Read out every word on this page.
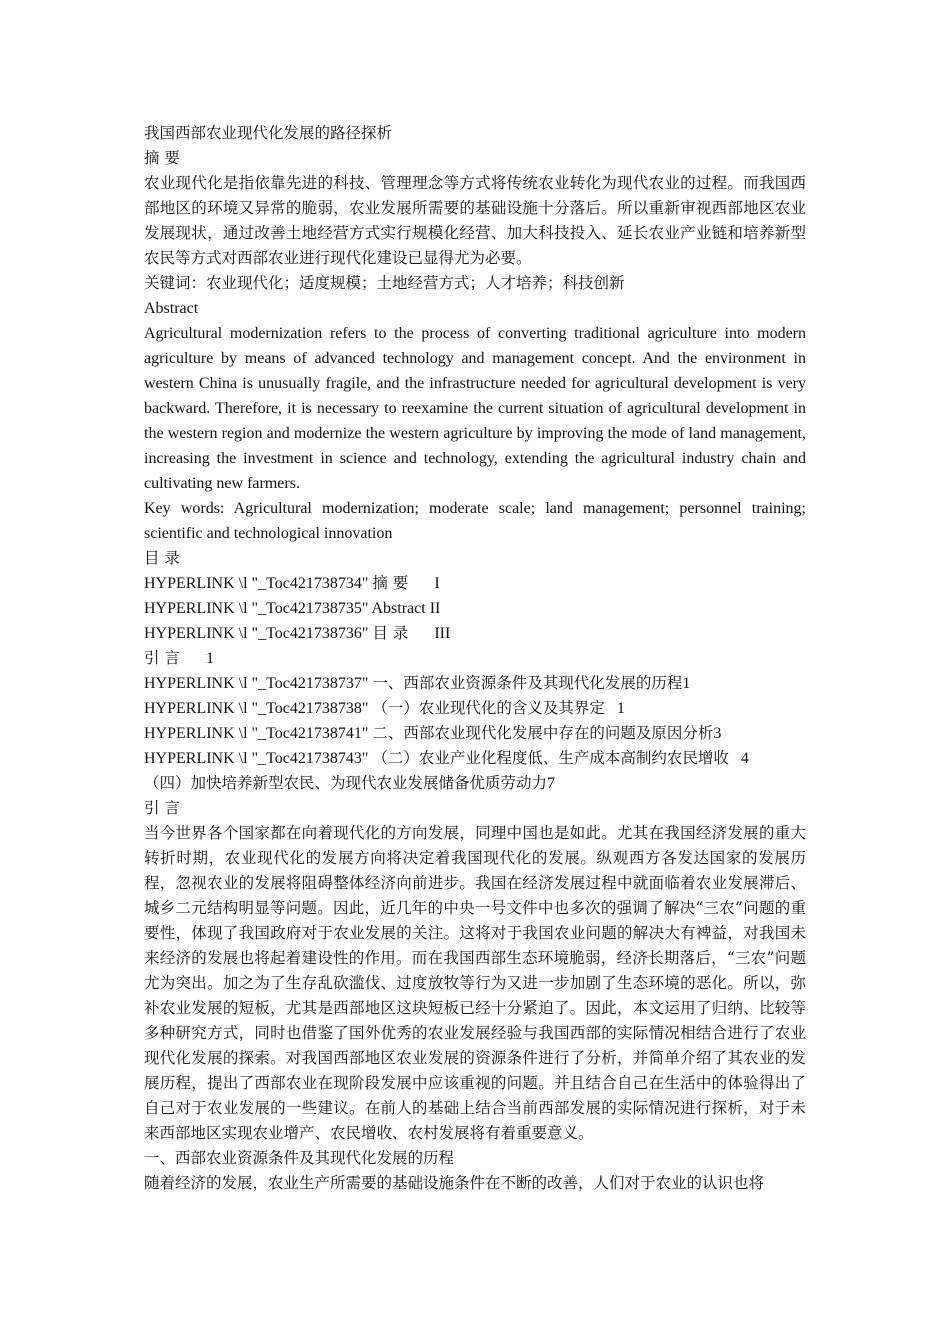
我国西部农业现代化发展的路径探析
摘 要
农业现代化是指依靠先进的科技、管理理念等方式将传统农业转化为现代农业的过程。而我国西部地区的环境又异常的脆弱，农业发展所需要的基础设施十分落后。所以重新审视西部地区农业发展现状，通过改善土地经营方式实行规模化经营、加大科技投入、延长农业产业链和培养新型农民等方式对西部农业进行现代化建设已显得尤为必要。
关键词：农业现代化；适度规模；土地经营方式；人才培养；科技创新
Abstract
Agricultural modernization refers to the process of converting traditional agriculture into modern agriculture by means of advanced technology and management concept. And the environment in western China is unusually fragile, and the infrastructure needed for agricultural development is very backward. Therefore, it is necessary to reexamine the current situation of agricultural development in the western region and modernize the western agriculture by improving the mode of land management, increasing the investment in science and technology, extending the agricultural industry chain and cultivating new farmers.
Key words: Agricultural modernization; moderate scale; land management; personnel training; scientific and technological innovation
目 录
HYPERLINK \l "_Toc421738734" 摘 要 I
HYPERLINK \l "_Toc421738735" Abstract II
HYPERLINK \l "_Toc421738736" 目 录 III
引 言 1
HYPERLINK \l "_Toc421738737" 一、西部农业资源条件及其现代化发展的历程1
HYPERLINK \l "_Toc421738738" （一）农业现代化的含义及其界定 1
HYPERLINK \l "_Toc421738741" 二、西部农业现代化发展中存在的问题及原因分析3
HYPERLINK \l "_Toc421738743" （二）农业产业化程度低、生产成本高制约农民增收 4
（四）加快培养新型农民、为现代农业发展储备优质劳动力7
引 言
当今世界各个国家都在向着现代化的方向发展，同理中国也是如此。尤其在我国经济发展的重大转折时期，农业现代化的发展方向将决定着我国现代化的发展。纵观西方各发达国家的发展历程，忽视农业的发展将阻碍整体经济向前进步。我国在经济发展过程中就面临着农业发展滞后、城乡二元结构明显等问题。因此，近几年的中央一号文件中也多次的强调了解决“三农”问题的重要性，体现了我国政府对于农业发展的关注。这将对于我国农业问题的解决大有裨益，对我国未来经济的发展也将起着建设性的作用。而在我国西部生态环境脆弱，经济长期落后，“三农”问题尤为突出。加之为了生存乱砍滥伐、过度放牧等行为又进一步加剧了生态环境的恶化。所以，弥补农业发展的短板，尤其是西部地区这块短板已经十分紧迫了。因此，本文运用了归纳、比较等多种研究方式，同时也借鉴了国外优秀的农业发展经验与我国西部的实际情况相结合进行了农业现代化发展的探索。对我国西部地区农业发展的资源条件进行了分析，并简单介绍了其农业的发展历程，提出了西部农业在现阶段发展中应该重视的问题。并且结合自己在生活中的体验得出了自己对于农业发展的一些建议。在前人的基础上结合当前西部发展的实际情况进行探析，对于未来西部地区实现农业增产、农民增收、农村发展将有着重要意义。
一、西部农业资源条件及其现代化发展的历程
随着经济的发展，农业生产所需要的基础设施条件在不断的改善，人们对于农业的认识也将
